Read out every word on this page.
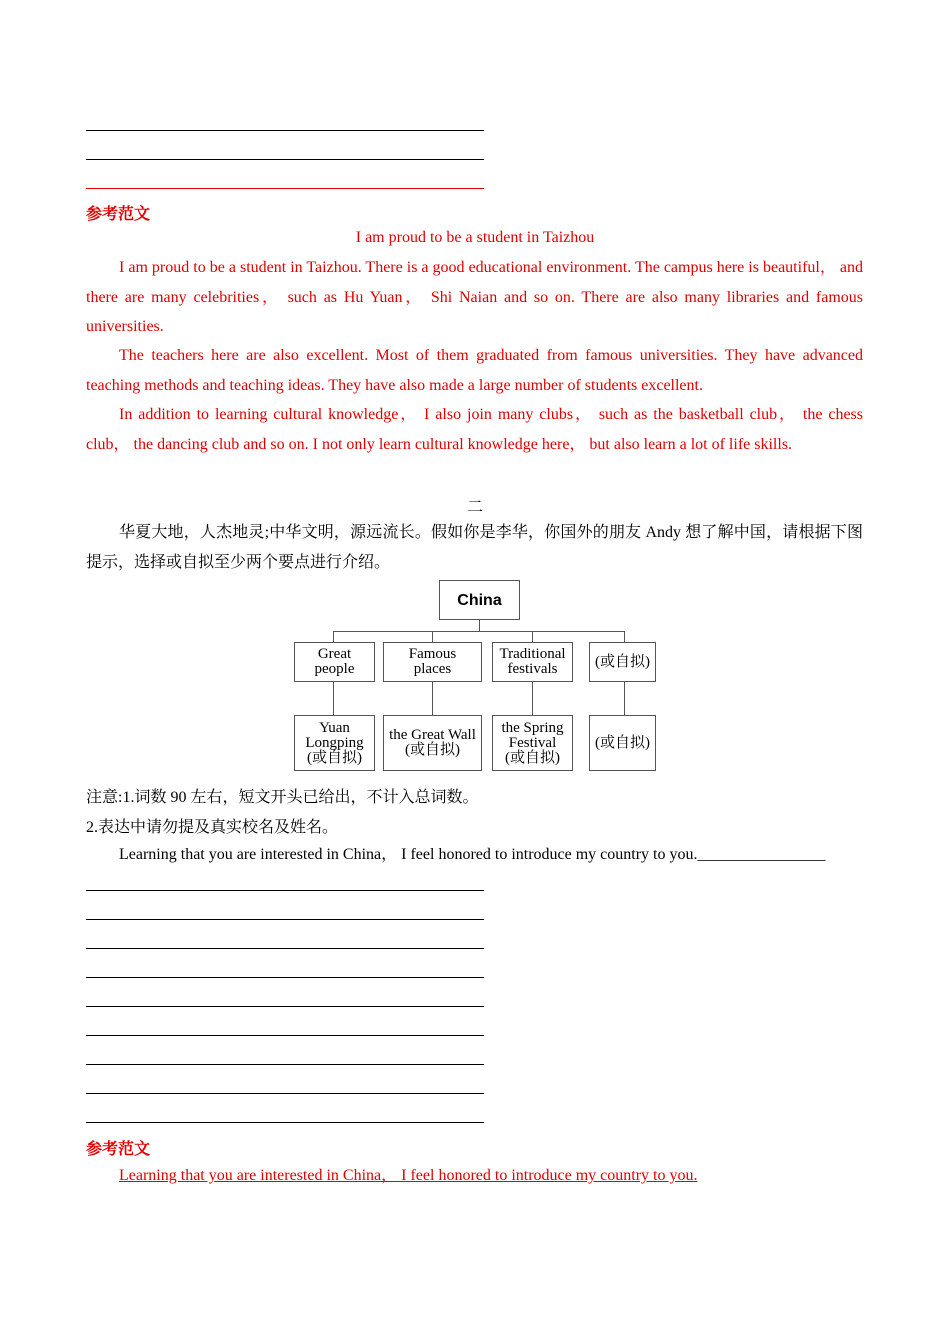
参考范文
I am proud to be a student in Taizhou
I am proud to be a student in Taizhou. There is a good educational environment. The campus here is beautiful， and there are many celebrities， such as Hu Yuan， Shi Naian and so on. There are also many libraries and famous universities.
The teachers here are also excellent. Most of them graduated from famous universities. They have advanced teaching methods and teaching ideas. They have also made a large number of students excellent.
In addition to learning cultural knowledge， I also join many clubs， such as the basketball club， the chess club， the dancing club and so on. I not only learn cultural knowledge here， but also learn a lot of life skills.
二
华夏大地，人杰地灵;中华文明，源远流长。假如你是李华，你国外的朋友 Andy 想了解中国，请根据下图提示，选择或自拟至少两个要点进行介绍。
China
Great
people
Famous
places
Traditional
festivals	(或自拟)
Yuan
Longping
(或自拟)
the Great Wall
(或自拟)
the Spring
Festival
(或自拟)
(或自拟)
注意:1.词数 90 左右，短文开头已给出，不计入总词数。
2.表达中请勿提及真实校名及姓名。
Learning that you are interested in China， I feel honored to introduce my country to you.________________
参考范文
Learning that you are interested in China， I feel honored to introduce my country to you.
